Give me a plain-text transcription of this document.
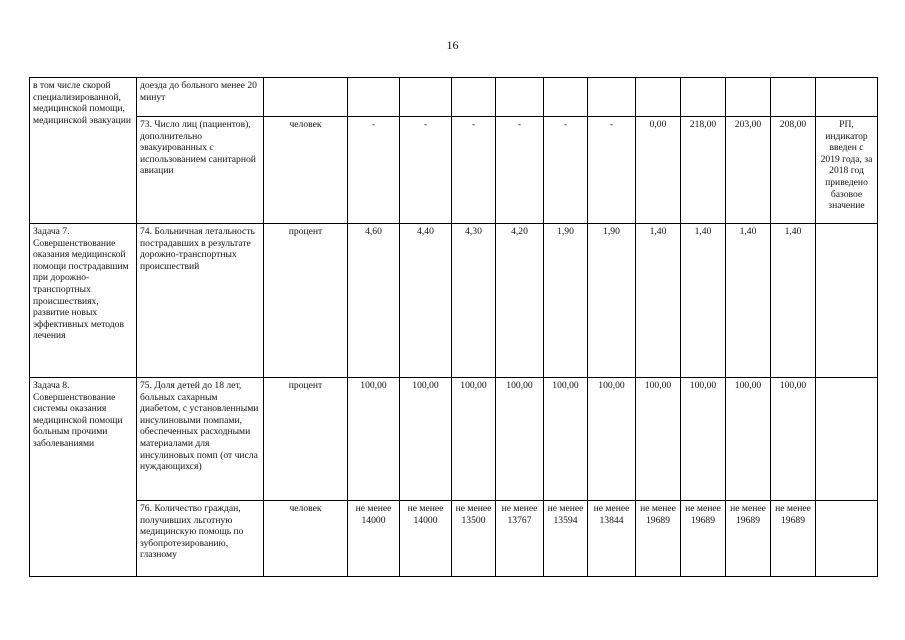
16
в том числе скорой специализированной, медицинской помощи, медицинской эвакуации	доезда до больного менее 20 минут												
	73. Число лиц (пациентов), дополнительно эвакуированных с использованием санитарной авиации	человек	-	-	-	-	-	-	0,00	218,00	203,00	208,00	РП, индикатор введен с 2019 года, за 2018 год приведено базовое значение
Задача 7. Совершенствование оказания медицинской помощи пострадавшим при дорожно-транспортных происшествиях, развитие новых эффективных методов лечения	74. Больничная летальность пострадавших в результате дорожно-транспортных происшествий	процент	4,60	4,40	4,30	4,20	1,90	1,90	1,40	1,40	1,40	1,40	
Задача 8. Совершенствование системы оказания медицинской помощи больным прочими заболеваниями	75. Доля детей до 18 лет, больных сахарным диабетом, с установленными инсулиновыми помпами, обеспеченных расходными материалами для инсулиновых помп (от числа нуждающихся)	процент	100,00	100,00	100,00	100,00	100,00	100,00	100,00	100,00	100,00	100,00	
	76. Количество граждан, получивших льготную медицинскую помощь по зубопротезированию, глазному	человек	не менее 14000	не менее 14000	не менее 13500	не менее 13767	не менее 13594	не менее 13844	не менее 19689	не менее 19689	не менее 19689	не менее 19689	
